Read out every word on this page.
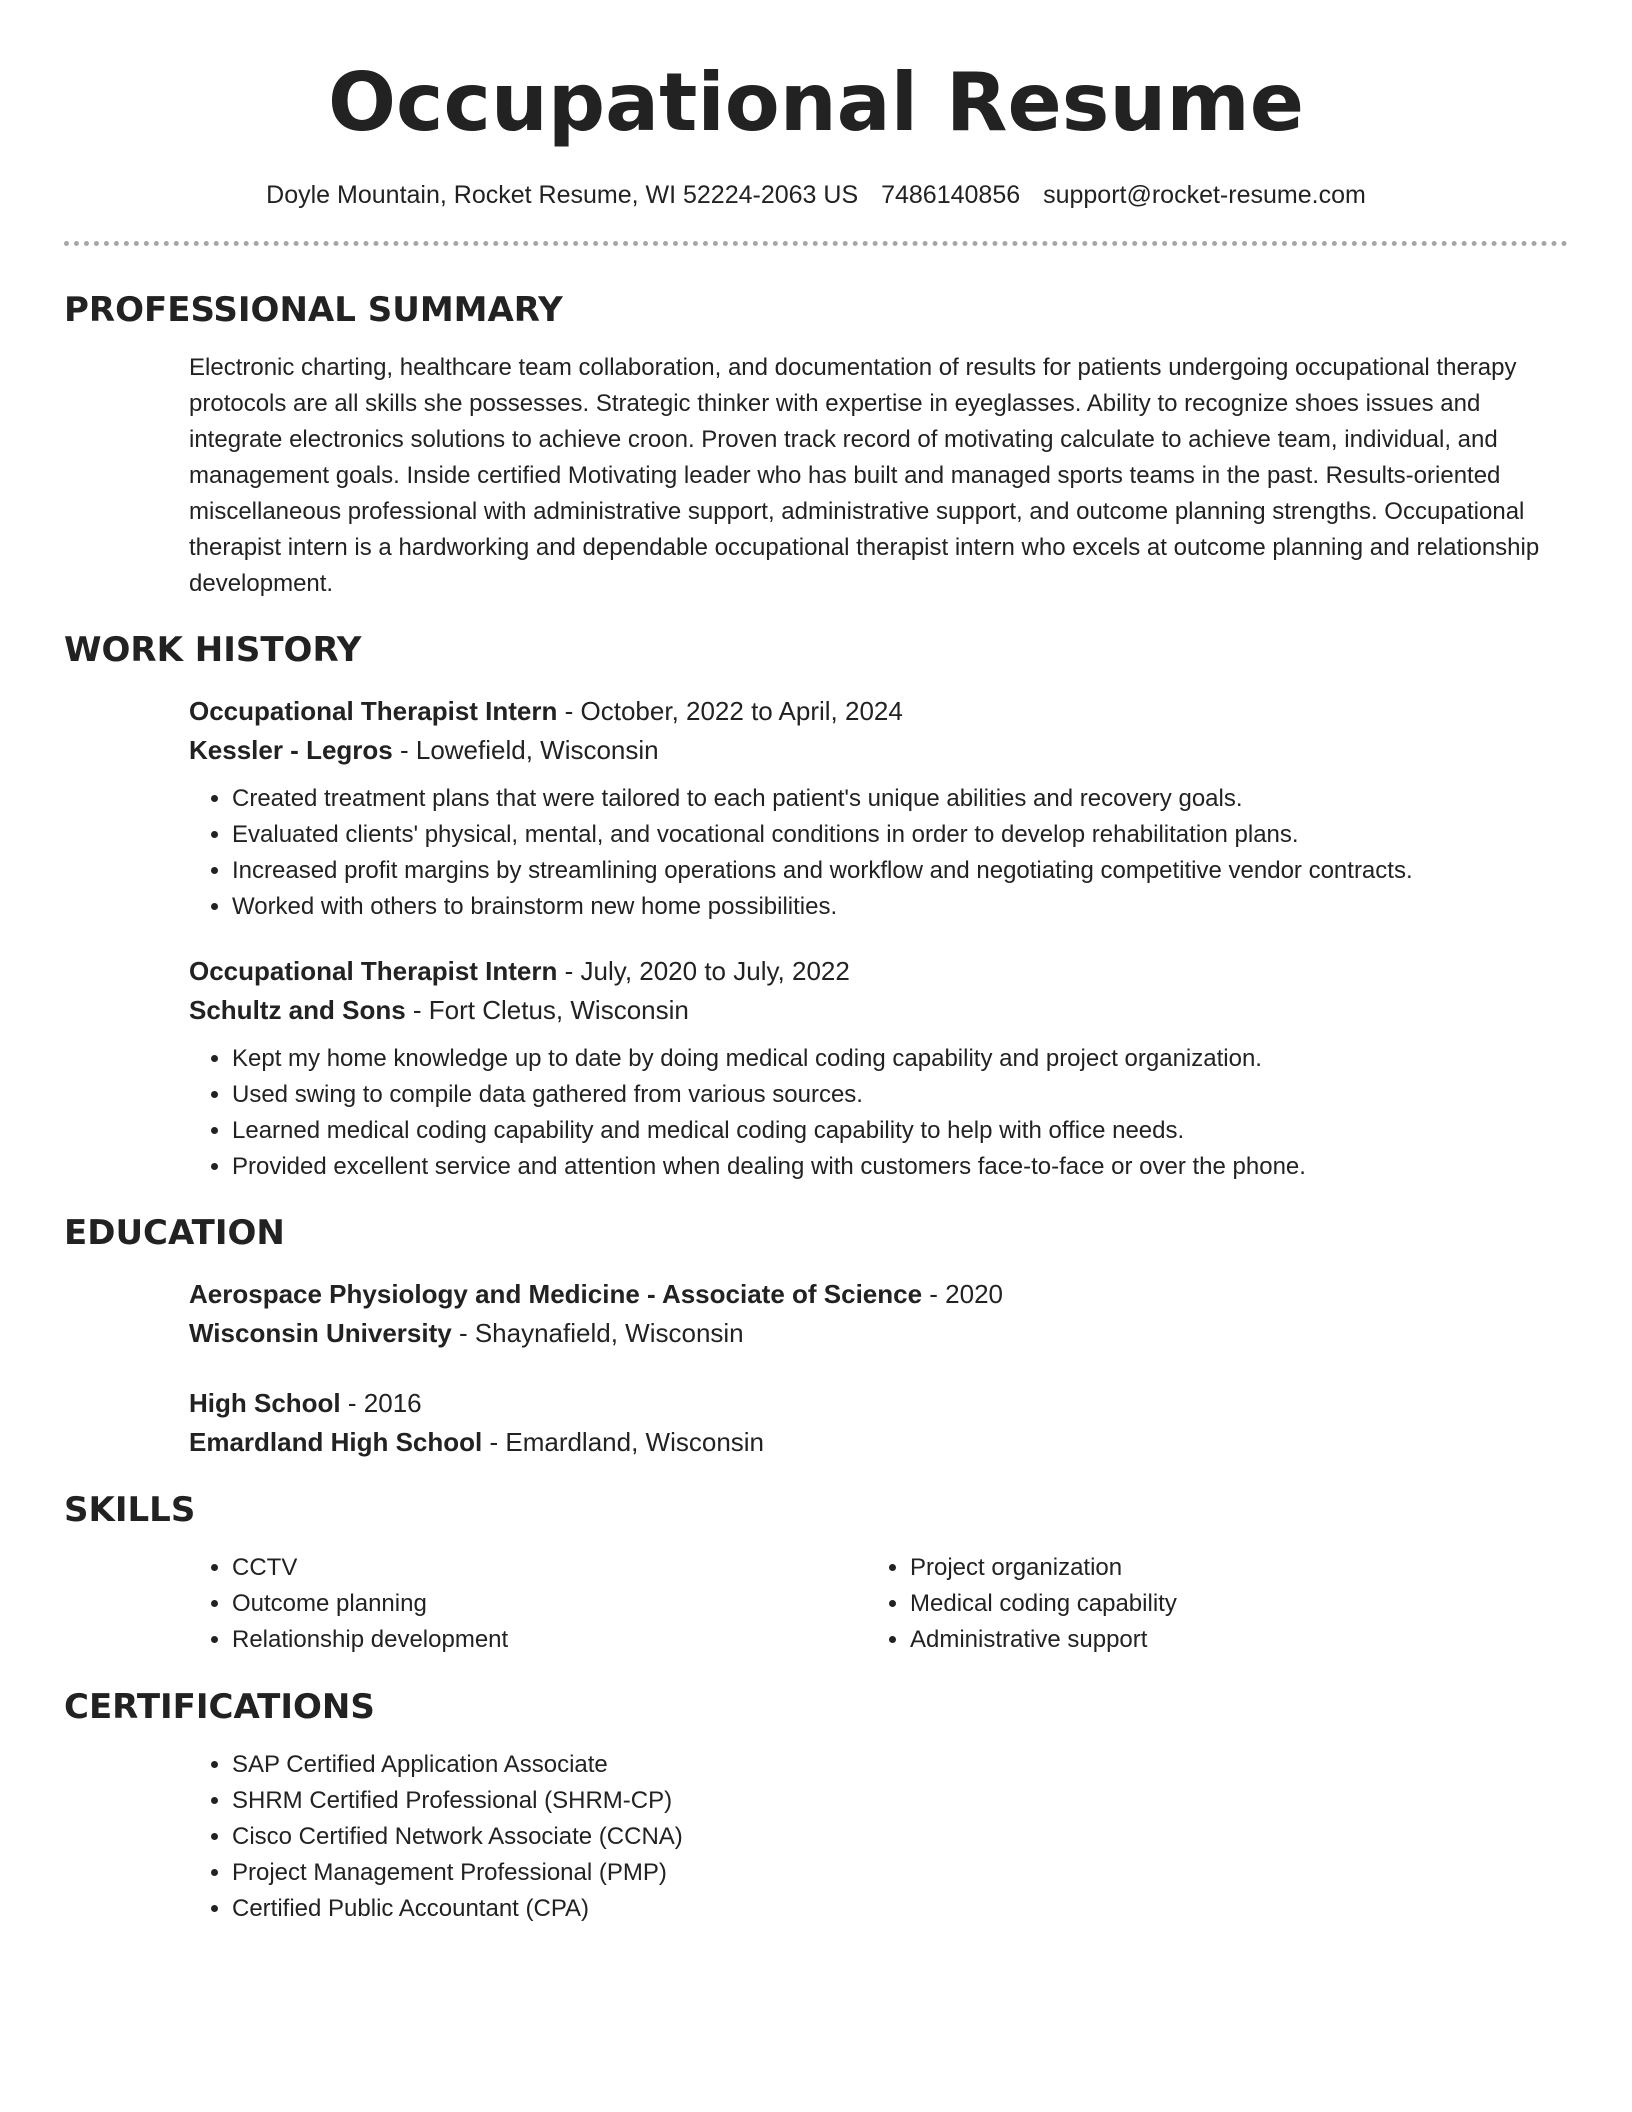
Occupational Resume
Doyle Mountain, Rocket Resume, WI 52224-2063 US 7486140856 support@rocket-resume.com
PROFESSIONAL SUMMARY

Electronic charting, healthcare team collaboration, and documentation of results for patients undergoing occupational therapy protocols are all skills she possesses. Strategic thinker with expertise in eyeglasses. Ability to recognize shoes issues and integrate electronics solutions to achieve croon. Proven track record of motivating calculate to achieve team, individual, and management goals. Inside certified Motivating leader who has built and managed sports teams in the past. Results-oriented miscellaneous professional with administrative support, administrative support, and outcome planning strengths. Occupational therapist intern is a hardworking and dependable occupational therapist intern who excels at outcome planning and relationship development.

WORK HISTORY

Occupational Therapist Intern - October, 2022 to April, 2024

Kessler - Legros - Lowefield, Wisconsin

• Created treatment plans that were tailored to each patient's unique abilities and recovery goals.
• Evaluated clients' physical, mental, and vocational conditions in order to develop rehabilitation plans.
• Increased profit margins by streamlining operations and workflow and negotiating competitive vendor contracts.
• Worked with others to brainstorm new home possibilities.

Occupational Therapist Intern - July, 2020 to July, 2022

Schultz and Sons - Fort Cletus, Wisconsin

• Kept my home knowledge up to date by doing medical coding capability and project organization.
• Used swing to compile data gathered from various sources.
• Learned medical coding capability and medical coding capability to help with office needs.
• Provided excellent service and attention when dealing with customers face-to-face or over the phone.
EDUCATION

Aerospace Physiology and Medicine - Associate of Science - 2020

Wisconsin University - Shaynafield, Wisconsin

High School - 2016

Emardland High School - Emardland, Wisconsin

SKILLS
• CCTV
• Outcome planning
• Relationship development
• Project organization
• Medical coding capability
• Administrative support
CERTIFICATIONS
• SAP Certified Application Associate
• SHRM Certified Professional (SHRM-CP)
• Cisco Certified Network Associate (CCNA)
• Project Management Professional (PMP)
• Certified Public Accountant (CPA)
